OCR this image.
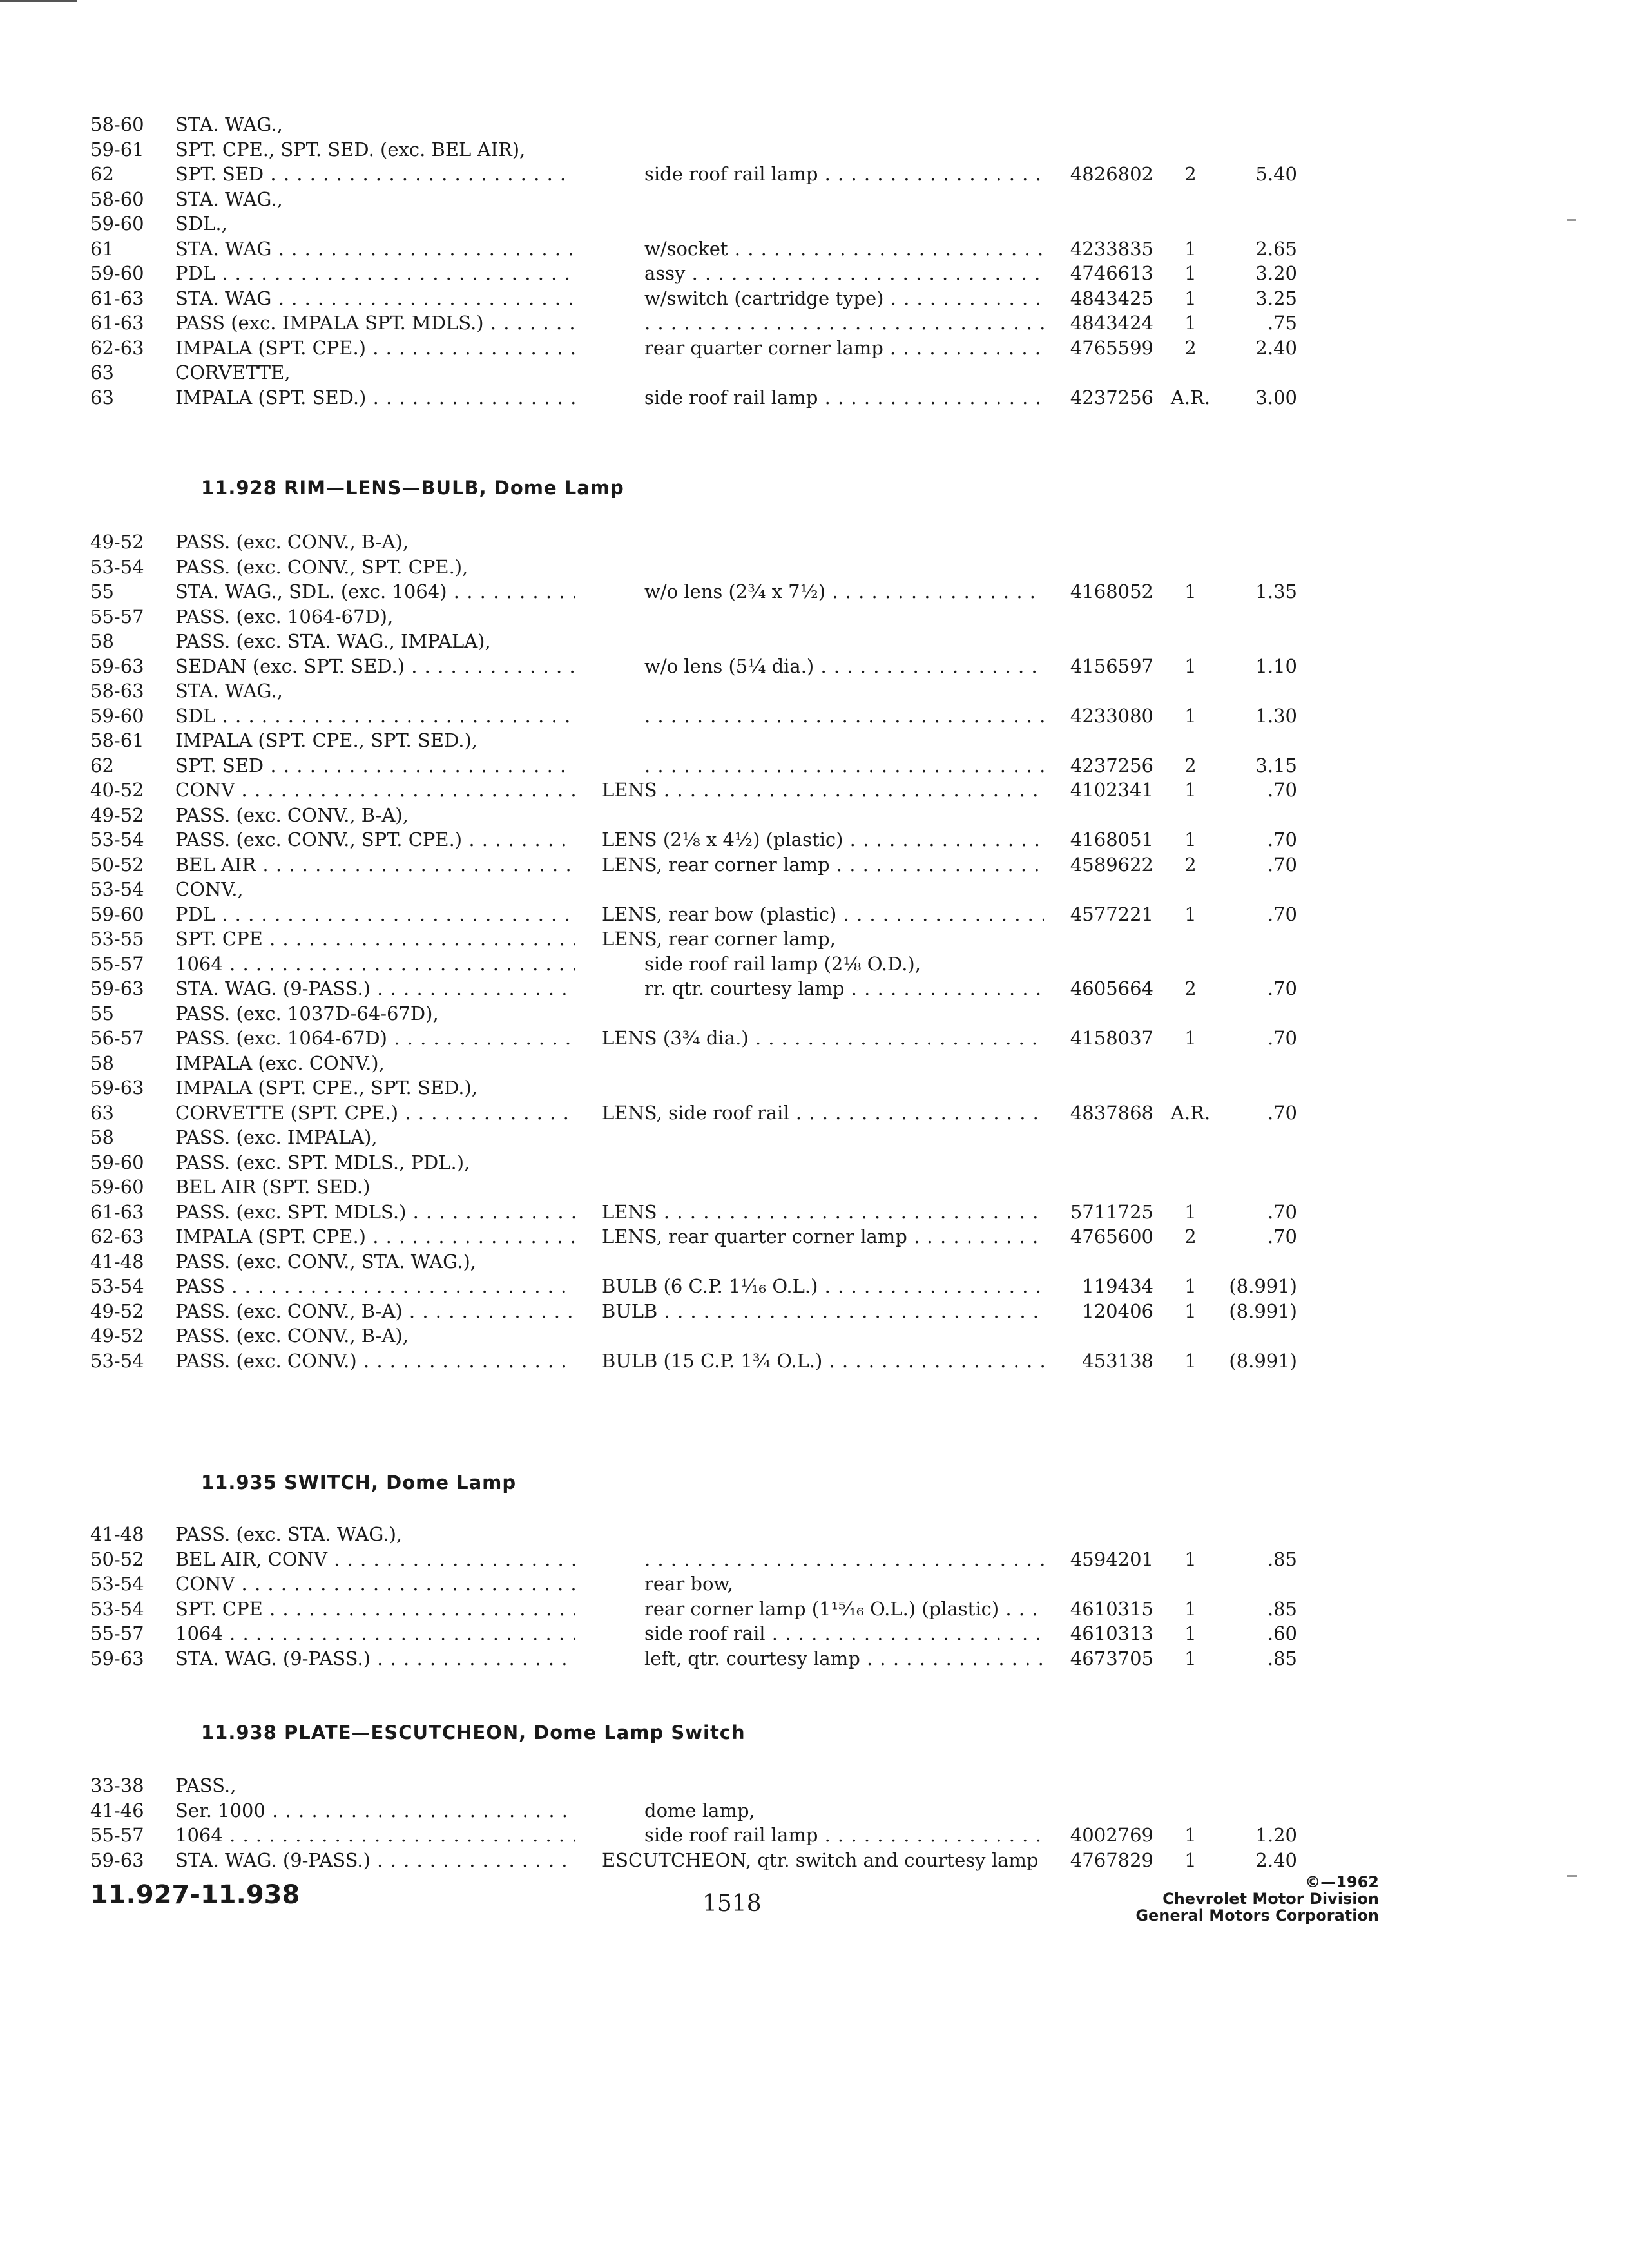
58-60 STA. WAG.,
59-61 SPT. CPE., SPT. SED. (exc. BEL AIR),
62	SPT. SED . . .	side roof rail lamp . . .	4826802	2	5.40
58-60 STA. WAG.,
59-60 SDL.,
61	STA. WAG . . .	w/socket . . .	4233835	1	2.65
59-60 PDL . . .	assy . . .	4746613	1	3.20
61-63 STA. WAG . . .	w/switch (cartridge type) . . .	4843425	1	3.25
61-63 PASS (exc. IMPALA SPT. MDLS.) . . . . . .	4843424	1	.75
62-63 IMPALA (SPT. CPE.) . . .	rear quarter corner lamp . . .	4765599	2	2.40
63	CORVETTE,
63	IMPALA (SPT. SED.) . . .	side roof rail lamp . . .	4237256 A.R.	3.00
11.928 RIM—LENS—BULB, Dome Lamp
49-52 PASS. (exc. CONV., B-A),
53-54 PASS. (exc. CONV., SPT. CPE.),
55	STA. WAG., SDL. (exc. 1064) . . .	w/o lens (2¾ x 7½) . . .	4168052	1	1.35
55-57 PASS. (exc. 1064-67D),
58	PASS. (exc. STA. WAG., IMPALA),
59-63 SEDAN (exc. SPT. SED.) . . .	w/o lens (5¼ dia.) . . .	4156597	1	1.10
58-63 STA. WAG.,
59-60 SDL . . . . . .	4233080	1	1.30
58-61 IMPALA (SPT. CPE., SPT. SED.),
62	SPT. SED . . . . . .	4237256	2	3.15
40-52 CONV . . .	LENS . . .	4102341	1	.70
49-52 PASS. (exc. CONV., B-A),
53-54 PASS. (exc. CONV., SPT. CPE.) . . .	LENS (2⅛ x 4½) (plastic) . . .	4168051	1	.70
50-52 BEL AIR . . .	LENS, rear corner lamp . . .	4589622	2	.70
53-54 CONV.,
59-60 PDL . . .	LENS, rear bow (plastic) . . .	4577221	1	.70
53-55 SPT. CPE . . .	LENS, rear corner lamp,
55-57 1064 . . .	side roof rail lamp (2⅛ O.D.),
59-63 STA. WAG. (9-PASS.) . . .	rr. qtr. courtesy lamp . . .	4605664	2	.70
55	PASS. (exc. 1037D-64-67D),
56-57 PASS. (exc. 1064-67D) . . .	LENS (3¾ dia.) . . .	4158037	1	.70
58	IMPALA (exc. CONV.),
59-63 IMPALA (SPT. CPE., SPT. SED.),
63	CORVETTE (SPT. CPE.) . . .	LENS, side roof rail . . .	4837868 A.R.	.70
58	PASS. (exc. IMPALA),
59-60 PASS. (exc. SPT. MDLS., PDL.),
59-60 BEL AIR (SPT. SED.)
61-63 PASS. (exc. SPT. MDLS.) . . .	LENS . . .	5711725	1	.70
62-63 IMPALA (SPT. CPE.) . . .	LENS, rear quarter corner lamp . . .	4765600	2	.70
41-48 PASS. (exc. CONV., STA. WAG.),
53-54 PASS . . .	BULB (6 C.P. 1⅟₁₆ O.L.) . . .	119434	1	(8.991)
49-52 PASS. (exc. CONV., B-A) . . .	BULB . . .	120406	1	(8.991)
49-52 PASS. (exc. CONV., B-A),
53-54 PASS. (exc. CONV.) . . .	BULB (15 C.P. 1¾ O.L.) . . .	453138	1	(8.991)
11.935 SWITCH, Dome Lamp
41-48 PASS. (exc. STA. WAG.),
50-52 BEL AIR, CONV . . . . . .	4594201	1	.85
53-54 CONV . . .	rear bow,
53-54 SPT. CPE . . .	rear corner lamp (1¹⁵⁄₁₆ O.L.) (plastic) . . .	4610315	1	.85
55-57 1064 . . .	side roof rail . . .	4610313	1	.60
59-63 STA. WAG. (9-PASS.) . . .	left, qtr. courtesy lamp . . .	4673705	1	.85
11.938 PLATE—ESCUTCHEON, Dome Lamp Switch
33-38 PASS.,
41-46 Ser. 1000 . . .	dome lamp,
55-57 1064 . . .	side roof rail lamp . . .	4002769	1	1.20
59-63 STA. WAG. (9-PASS.) . . .	ESCUTCHEON, qtr. switch and courtesy lamp	4767829	1	2.40
11.927-11.938	1518
©—1962
Chevrolet Motor Division
General Motors Corporation
